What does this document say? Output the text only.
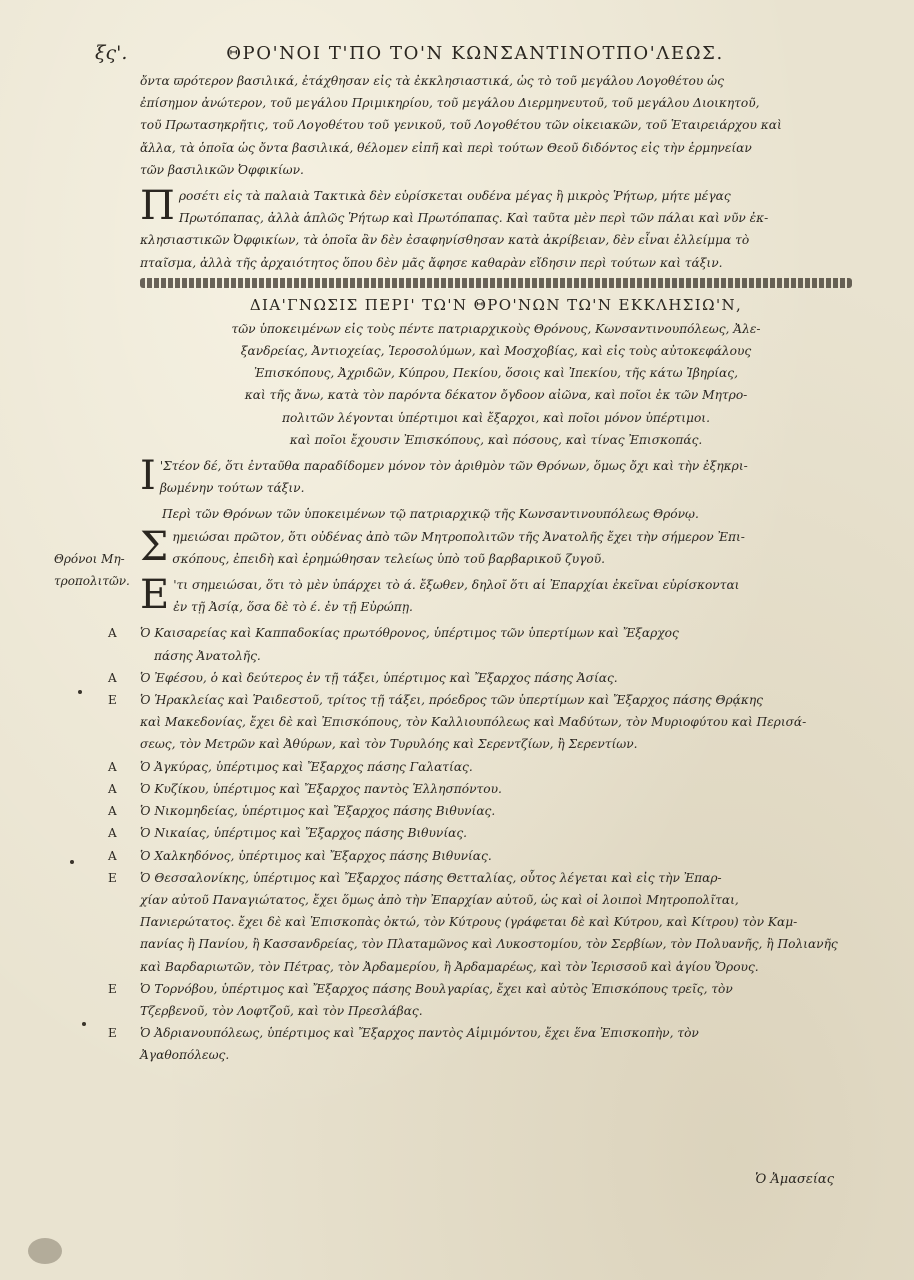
ξς'.	ΘΡΟ'ΝΟΙ Τ'ΠΟ ΤΟ'Ν ΚΩΝΣΑΝΤΙΝΟΤΠΟ'ΛΕΩΣ.

ὄντα ϖρότερον βασιλικά, ἐτάχθησαν εἰς τὰ ἐκκλησιαστικά, ὡς τὸ τοῦ μεγάλου Λογοθέτου ὡς

ἐπίσημον ἀνώτερον, τοῦ μεγάλου Πριμικηρίου, τοῦ μεγάλου Διερμηνευτοῦ, τοῦ μεγάλου Διοικητοῦ,

τοῦ Πρωτασηκρῆτις, τοῦ Λογοθέτου τοῦ γενικοῦ, τοῦ Λογοθέτου τῶν οἰκειακῶν, τοῦ Ἑταιρειάρχου καὶ

ἄλλα, τὰ ὁποῖα ὡς ὄντα βασιλικά, θέλομεν εἰπῆ καὶ περὶ τούτων Θεοῦ διδόντος εἰς τὴν ἑρμηνείαν

τῶν βασιλικῶν Ὀφφικίων.

Π ροσέτι εἰς τὰ παλαιὰ Τακτικὰ δὲν εὑρίσκεται ουδένα μέγας ἢ μικρὸς Ῥήτωρ, μήτε μέγας

Πρωτόπαπας, ἀλλὰ ἁπλῶς Ῥήτωρ καὶ Πρωτόπαπας. Καὶ ταῦτα μὲν περὶ τῶν πάλαι καὶ νῦν ἐκ-

κλησιαστικῶν Ὀφφικίων, τὰ ὁποῖα ἂν δὲν ἐσαφηνίσθησαν κατὰ ἀκρίβειαν, δὲν εἶναι ἐλλείμμα τὸ

πταῖσμα, ἀλλὰ τῆς ἀρχαιότητος ὅπου δὲν μᾶς ἄφησε καθαρὰν εἴδησιν περὶ τούτων καὶ τάξιν.

ΔΙΑ'ΓΝΩΣΙΣ ΠΕΡΙ' ΤΩ'Ν ΘΡΟ'ΝΩΝ ΤΩ'Ν ΕΚΚΛΗΣΙΩ'Ν,

τῶν ὑποκειμένων εἰς τοὺς πέντε πατριαρχικοὺς Θρόνους, Κωνσαντινουπόλεως, Ἀλε-

ξανδρείας, Ἀντιοχείας, Ἱεροσολύμων, καὶ Μοσχοβίας, καὶ εἰς τοὺς αὐτοκεφάλους

Ἐπισκόπους, Ἀχριδῶν, Κύπρου, Πεκίου, ὅσοις καὶ Ἰπεκίου, τῆς κάτω Ἰβηρίας,

καὶ τῆς ἄνω, κατὰ τὸν παρόντα δέκατον ὄγδοον αἰῶνα, καὶ ποῖοι ἐκ τῶν Μητρο-

πολιτῶν λέγονται ὑπέρτιμοι καὶ ἔξαρχοι, καὶ ποῖοι μόνον ὑπέρτιμοι.

καὶ ποῖοι ἔχουσιν Ἐπισκόπους, καὶ πόσους, καὶ τίνας Ἐπισκοπάς.

Ι 'Στέον δέ, ὅτι ἐνταῦθα παραδίδομεν μόνον τὸν ἀριθμὸν τῶν Θρόνων, ὅμως ὄχι καὶ τὴν ἐξηκρι-

βωμένην τούτων τάξιν.

Περὶ τῶν Θρόνων τῶν ὑποκειμένων τῷ πατριαρχικῷ τῆς Κωνσαντινουπόλεως Θρόνῳ.

Σ ημειώσαι πρῶτον, ὅτι οὐδένας ἀπὸ τῶν Μητροπολιτῶν τῆς Ἀνατολῆς ἔχει τὴν σήμερον Ἐπι-

σκόπους, ἐπειδὴ καὶ ἐρημώθησαν τελείως ὑπὸ τοῦ βαρβαρικοῦ ζυγοῦ.

Ε 'τι σημειώσαι, ὅτι τὸ μὲν ὑπάρχει τὸ ά. ἔξωθεν, δηλοῖ ὅτι αἱ Ἐπαρχίαι ἐκεῖναι εὑρίσκονται

ἐν τῇ Ἀσίᾳ, ὅσα δὲ τὸ έ. ἐν τῇ Εὐρώπῃ.

Α Ὁ Καισαρείας καὶ Καππαδοκίας πρωτόθρονος, ὑπέρτιμος τῶν ὑπερτίμων καὶ Ἔξαρχος

πάσης Ἀνατολῆς.

Α Ὁ Ἐφέσου, ὁ καὶ δεύτερος ἐν τῇ τάξει, ὑπέρτιμος καὶ Ἔξαρχος πάσης Ἀσίας.

Ε Ὁ Ἡρακλείας καὶ Ῥαιδεστοῦ, τρίτος τῇ τάξει, πρόεδρος τῶν ὑπερτίμων καὶ Ἔξαρχος πάσης Θρᾴκης

καὶ Μακεδονίας, ἔχει δὲ καὶ Ἐπισκόπους, τὸν Καλλιουπόλεως καὶ Μαδύτων, τὸν Μυριοφύτου καὶ Περισά-

σεως, τὸν Μετρῶν καὶ Ἀθύρων, καὶ τὸν Τυρυλόης καὶ Σερεντζίων, ἢ Σερεντίων.

Α Ὁ Ἀγκύρας, ὑπέρτιμος καὶ Ἔξαρχος πάσης Γαλατίας.

Α Ὁ Κυζίκου, ὑπέρτιμος καὶ Ἔξαρχος παντὸς Ἑλλησπόντου.

Α Ὁ Νικομηδείας, ὑπέρτιμος καὶ Ἔξαρχος πάσης Βιθυνίας.

Α Ὁ Νικαίας, ὑπέρτιμος καὶ Ἔξαρχος πάσης Βιθυνίας.

Α Ὁ Χαλκηδόνος, ὑπέρτιμος καὶ Ἔξαρχος πάσης Βιθυνίας.

Ε Ὁ Θεσσαλονίκης, ὑπέρτιμος καὶ Ἔξαρχος πάσης Θετταλίας, οὗτος λέγεται καὶ εἰς τὴν Ἐπαρ-

χίαν αὐτοῦ Παναγιώτατος, ἔχει ὅμως ἀπὸ τὴν Ἐπαρχίαν αὐτοῦ, ὡς καὶ οἱ λοιποὶ Μητροπολῖται,

Πανιερώτατος. ἔχει δὲ καὶ Ἐπισκοπὰς ὀκτώ, τὸν Κύτρους (γράφεται δὲ καὶ Κύτρου, καὶ Κίτρου) τὸν Καμ-

πανίας ἢ Πανίου, ἢ Κασσανδρείας, τὸν Πλαταμῶνος καὶ Λυκοστομίου, τὸν Σερβίων, τὸν Πολυανῆς, ἢ Πολιανῆς

καὶ Βαρδαριωτῶν, τὸν Πέτρας, τὸν Ἀρδαμερίου, ἢ Ἀρδαμαρέως, καὶ τὸν Ἱερισσοῦ καὶ ἁγίου Ὄρους.

Ε Ὁ Τορνόβου, ὑπέρτιμος καὶ Ἔξαρχος πάσης Βουλγαρίας, ἔχει καὶ αὐτὸς Ἐπισκόπους τρεῖς, τὸν

Τζερβενοῦ, τὸν Λοφτζοῦ, καὶ τὸν Πρεσλάβας.

Ε Ὁ Ἀδριανουπόλεως, ὑπέρτιμος καὶ Ἔξαρχος παντὸς Αἱμιμόντου, ἔχει ἕνα Ἐπισκοπὴν, τὸν

Ἀγαθοπόλεως.

Θρόνοι Μη-
τροπολιτῶν.
Ὁ Ἀμασείας
